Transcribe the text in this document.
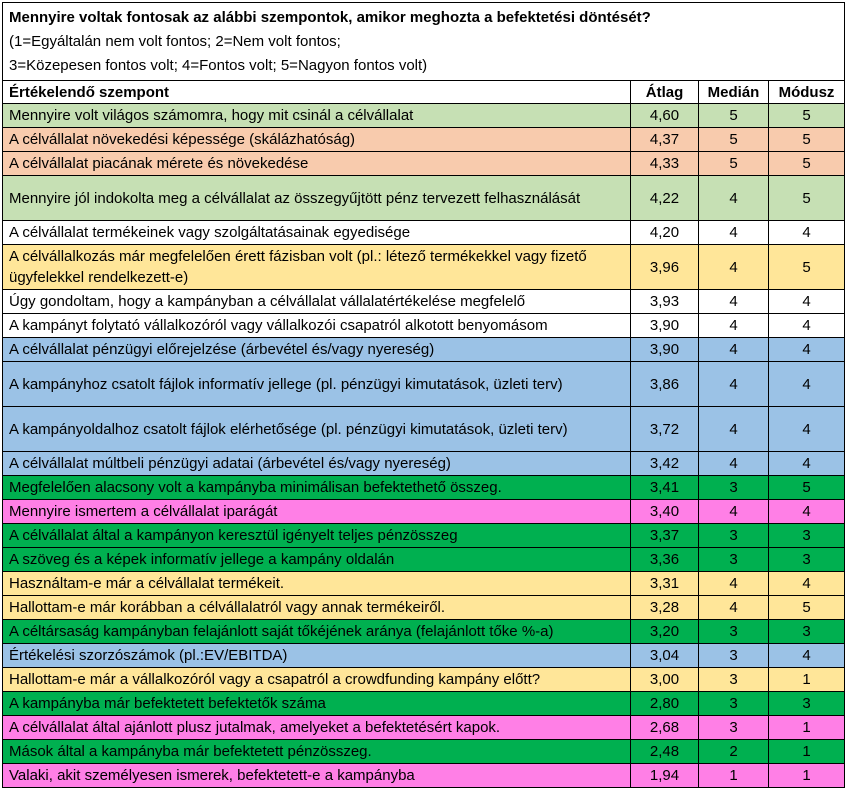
Mennyire voltak fontosak az alábbi szempontok, amikor meghozta a befektetési döntését?
(1=Egyáltalán nem volt fontos; 2=Nem volt fontos;
3=Közepesen fontos volt; 4=Fontos volt; 5=Nagyon fontos volt)			

Értékelendő szempont	Átlag	Medián	Módusz
Mennyire volt világos számomra, hogy mit csinál a célvállalat	4,60	5	5
A célvállalat növekedési képessége (skálázhatóság)	4,37	5	5
A célvállalat piacának mérete és növekedése	4,33	5	5
Mennyire jól indokolta meg a célvállalat az összegyűjtött pénz tervezett felhasználását	4,22	4	5
A célvállalat termékeinek vagy szolgáltatásainak egyedisége	4,20	4	4
A célvállalkozás már megfelelően érett fázisban volt (pl.: létező termékekkel vagy fizető ügyfelekkel rendelkezett-e)	3,96	4	5
Úgy gondoltam, hogy a kampányban a célvállalat vállalatértékelése megfelelő	3,93	4	4
A kampányt folytató vállalkozóról vagy vállalkozói csapatról alkotott benyomásom	3,90	4	4
A célvállalat pénzügyi előrejelzése (árbevétel és/vagy nyereség)	3,90	4	4
A kampányhoz csatolt fájlok informatív jellege (pl. pénzügyi kimutatások, üzleti terv)	3,86	4	4
A kampányoldalhoz csatolt fájlok elérhetősége (pl. pénzügyi kimutatások, üzleti terv)	3,72	4	4
A célvállalat múltbeli pénzügyi adatai (árbevétel és/vagy nyereség)	3,42	4	4
Megfelelően alacsony volt a kampányba minimálisan befektethető összeg.	3,41	3	5
Mennyire ismertem a célvállalat iparágát	3,40	4	4
A célvállalat által a kampányon keresztül igényelt teljes pénzösszeg	3,37	3	3
A szöveg és a képek informatív jellege a kampány oldalán	3,36	3	3
Használtam-e már a célvállalat termékeit.	3,31	4	4
Hallottam-e már korábban a célvállalatról vagy annak termékeiről.	3,28	4	5
A céltársaság kampányban felajánlott saját tőkéjének aránya (felajánlott tőke %-a)	3,20	3	3
Értékelési szorzószámok (pl.:EV/EBITDA)	3,04	3	4
Hallottam-e már a vállalkozóról vagy a csapatról a crowdfunding kampány előtt?	3,00	3	1
A kampányba már befektetett befektetők száma	2,80	3	3
A célvállalat által ajánlott plusz jutalmak, amelyeket a befektetésért kapok.	2,68	3	1
Mások által a kampányba már befektetett pénzösszeg.	2,48	2	1
Valaki, akit személyesen ismerek, befektetett-e a kampányba	1,94	1	1
